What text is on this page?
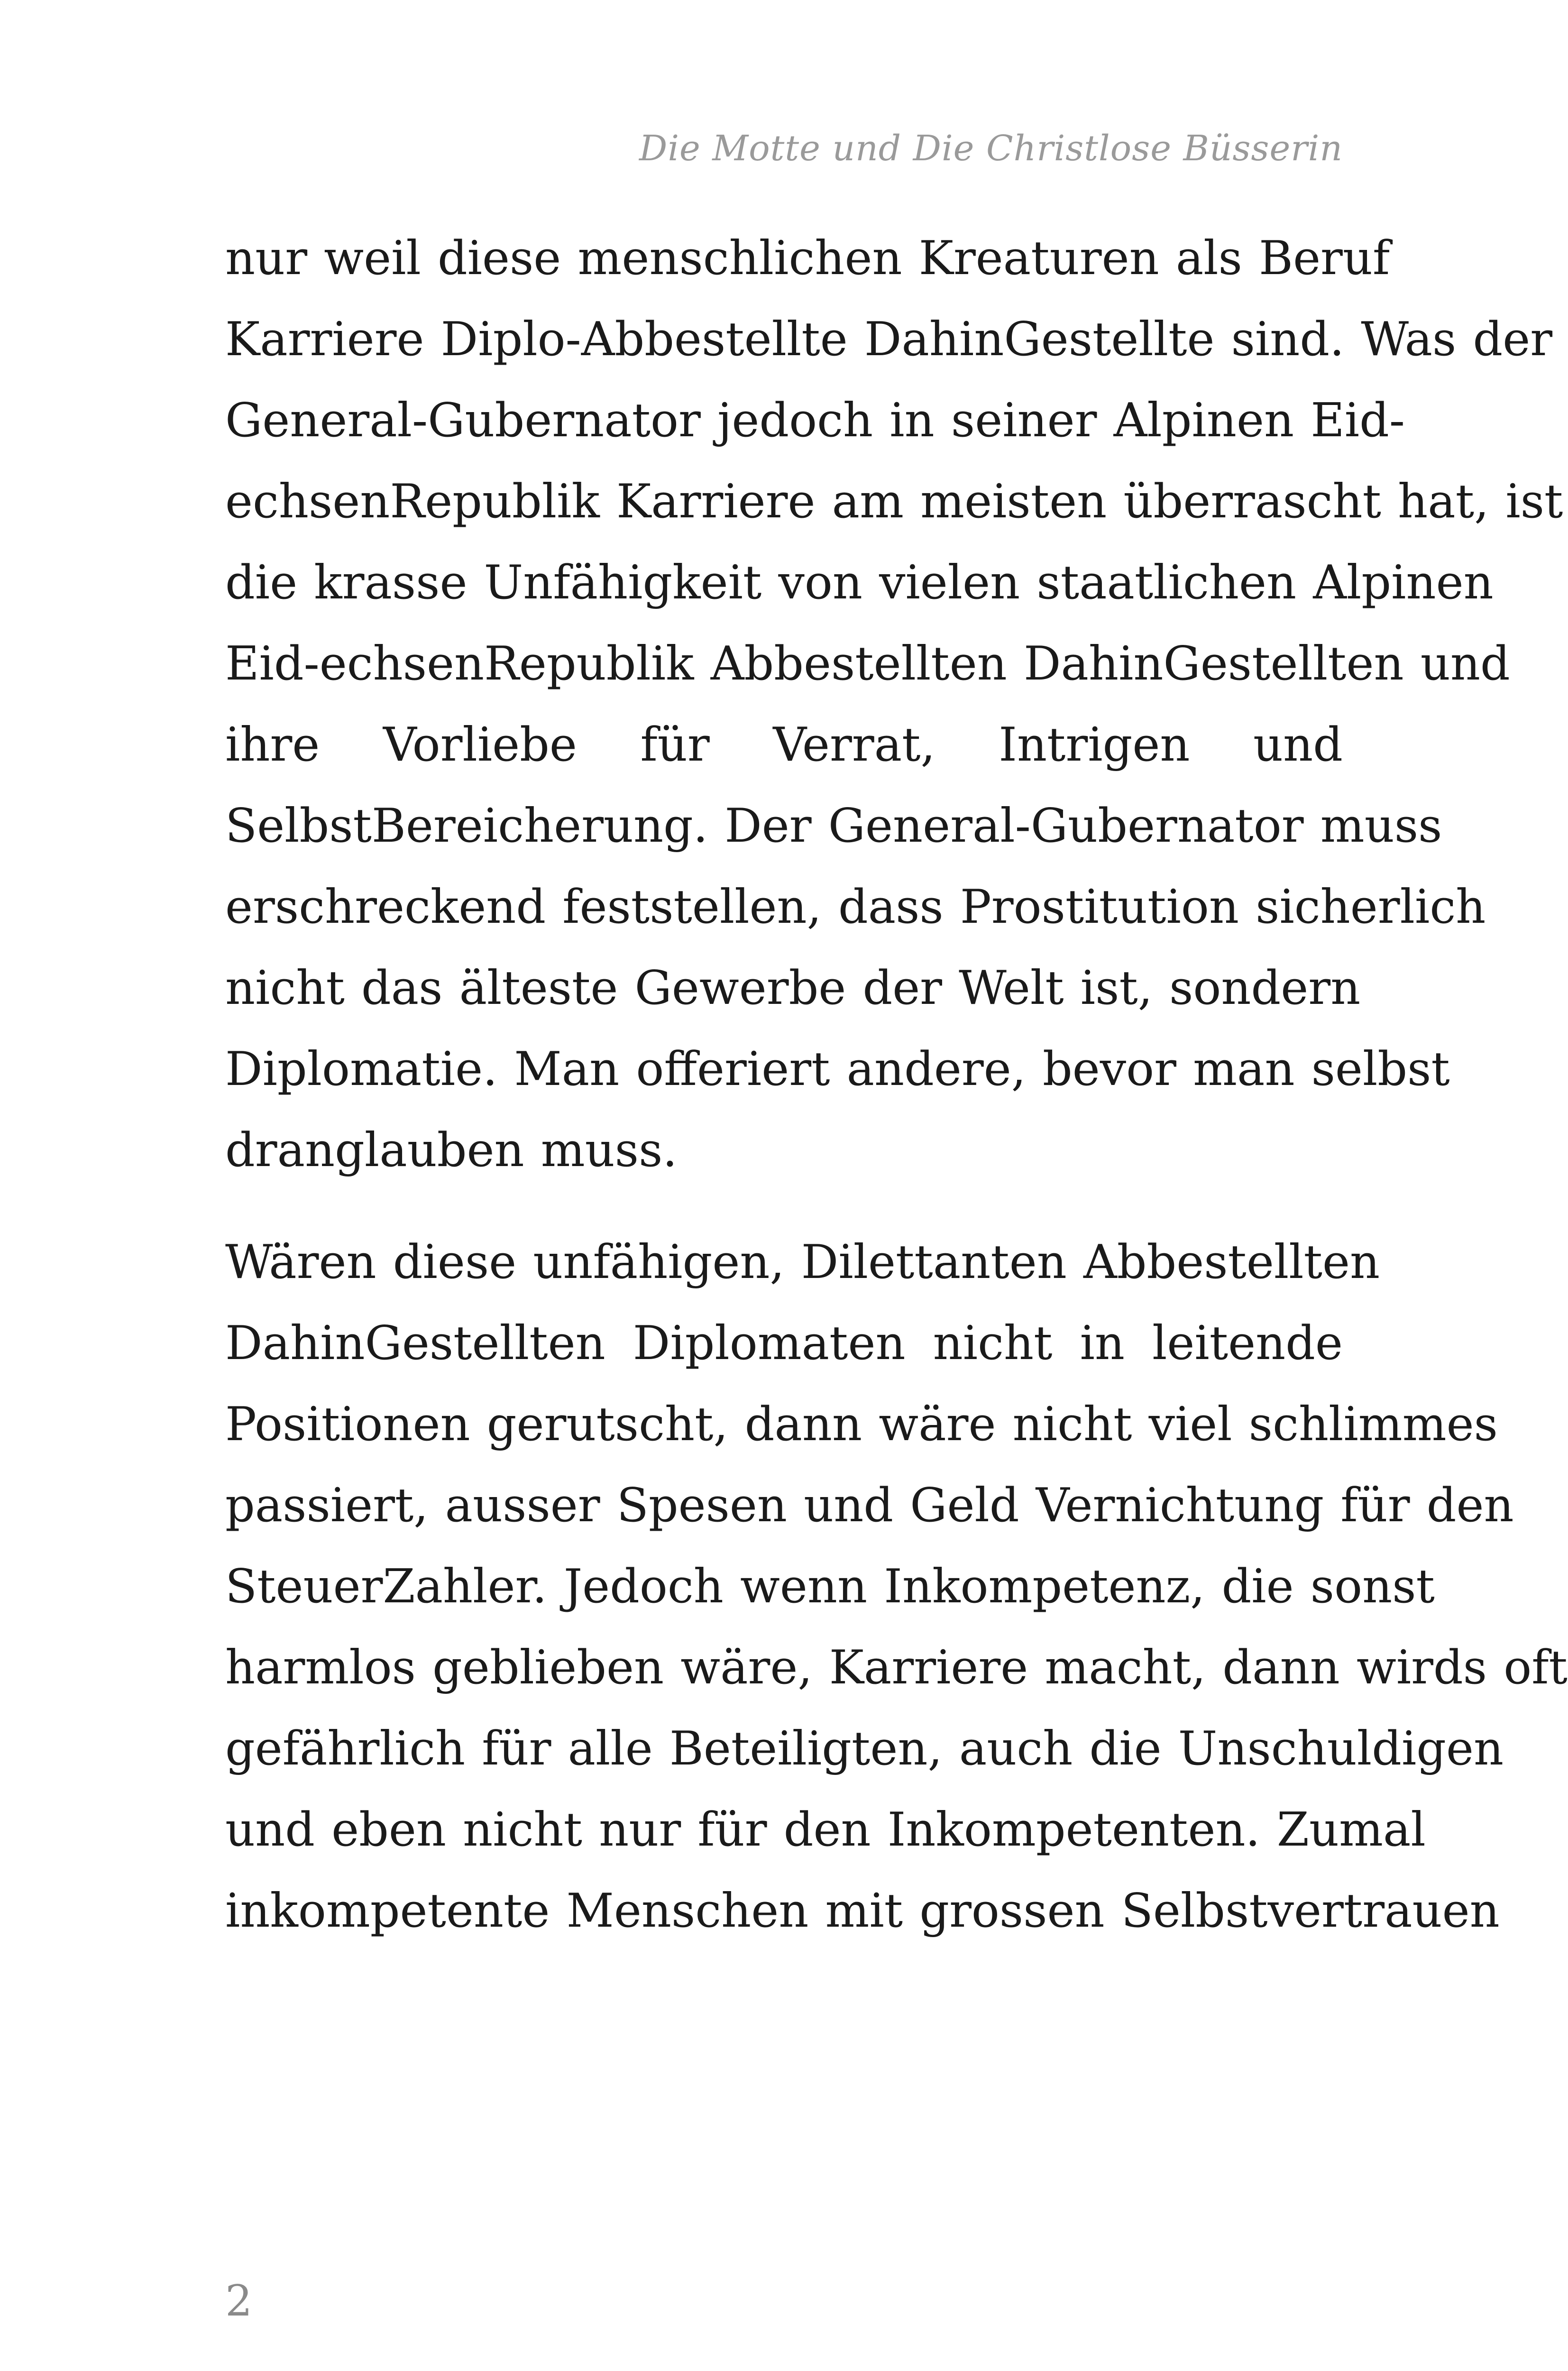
Die Motte und Die Christlose Büsserin
nur weil diese menschlichen Kreaturen als Beruf
Karriere Diplo-Abbestellte DahinGestellte sind. Was der
General-Gubernator jedoch in seiner Alpinen Eid-
echsenRepublik Karriere am meisten überrascht hat, ist
die krasse Unfähigkeit von vielen staatlichen Alpinen
Eid-echsenRepublik Abbestellten DahinGestellten und
ihre Vorliebe für Verrat, Intrigen und
SelbstBereicherung. Der General-Gubernator muss
erschreckend feststellen, dass Prostitution sicherlich
nicht das älteste Gewerbe der Welt ist, sondern
Diplomatie. Man offeriert andere, bevor man selbst
dranglauben muss.
Wären diese unfähigen, Dilettanten Abbestellten
DahinGestellten Diplomaten nicht in leitende
Positionen gerutscht, dann wäre nicht viel schlimmes
passiert, ausser Spesen und Geld Vernichtung für den
SteuerZahler. Jedoch wenn Inkompetenz, die sonst
harmlos geblieben wäre, Karriere macht, dann wirds oft
gefährlich für alle Beteiligten, auch die Unschuldigen
und eben nicht nur für den Inkompetenten. Zumal
inkompetente Menschen mit grossen Selbstvertrauen
2
